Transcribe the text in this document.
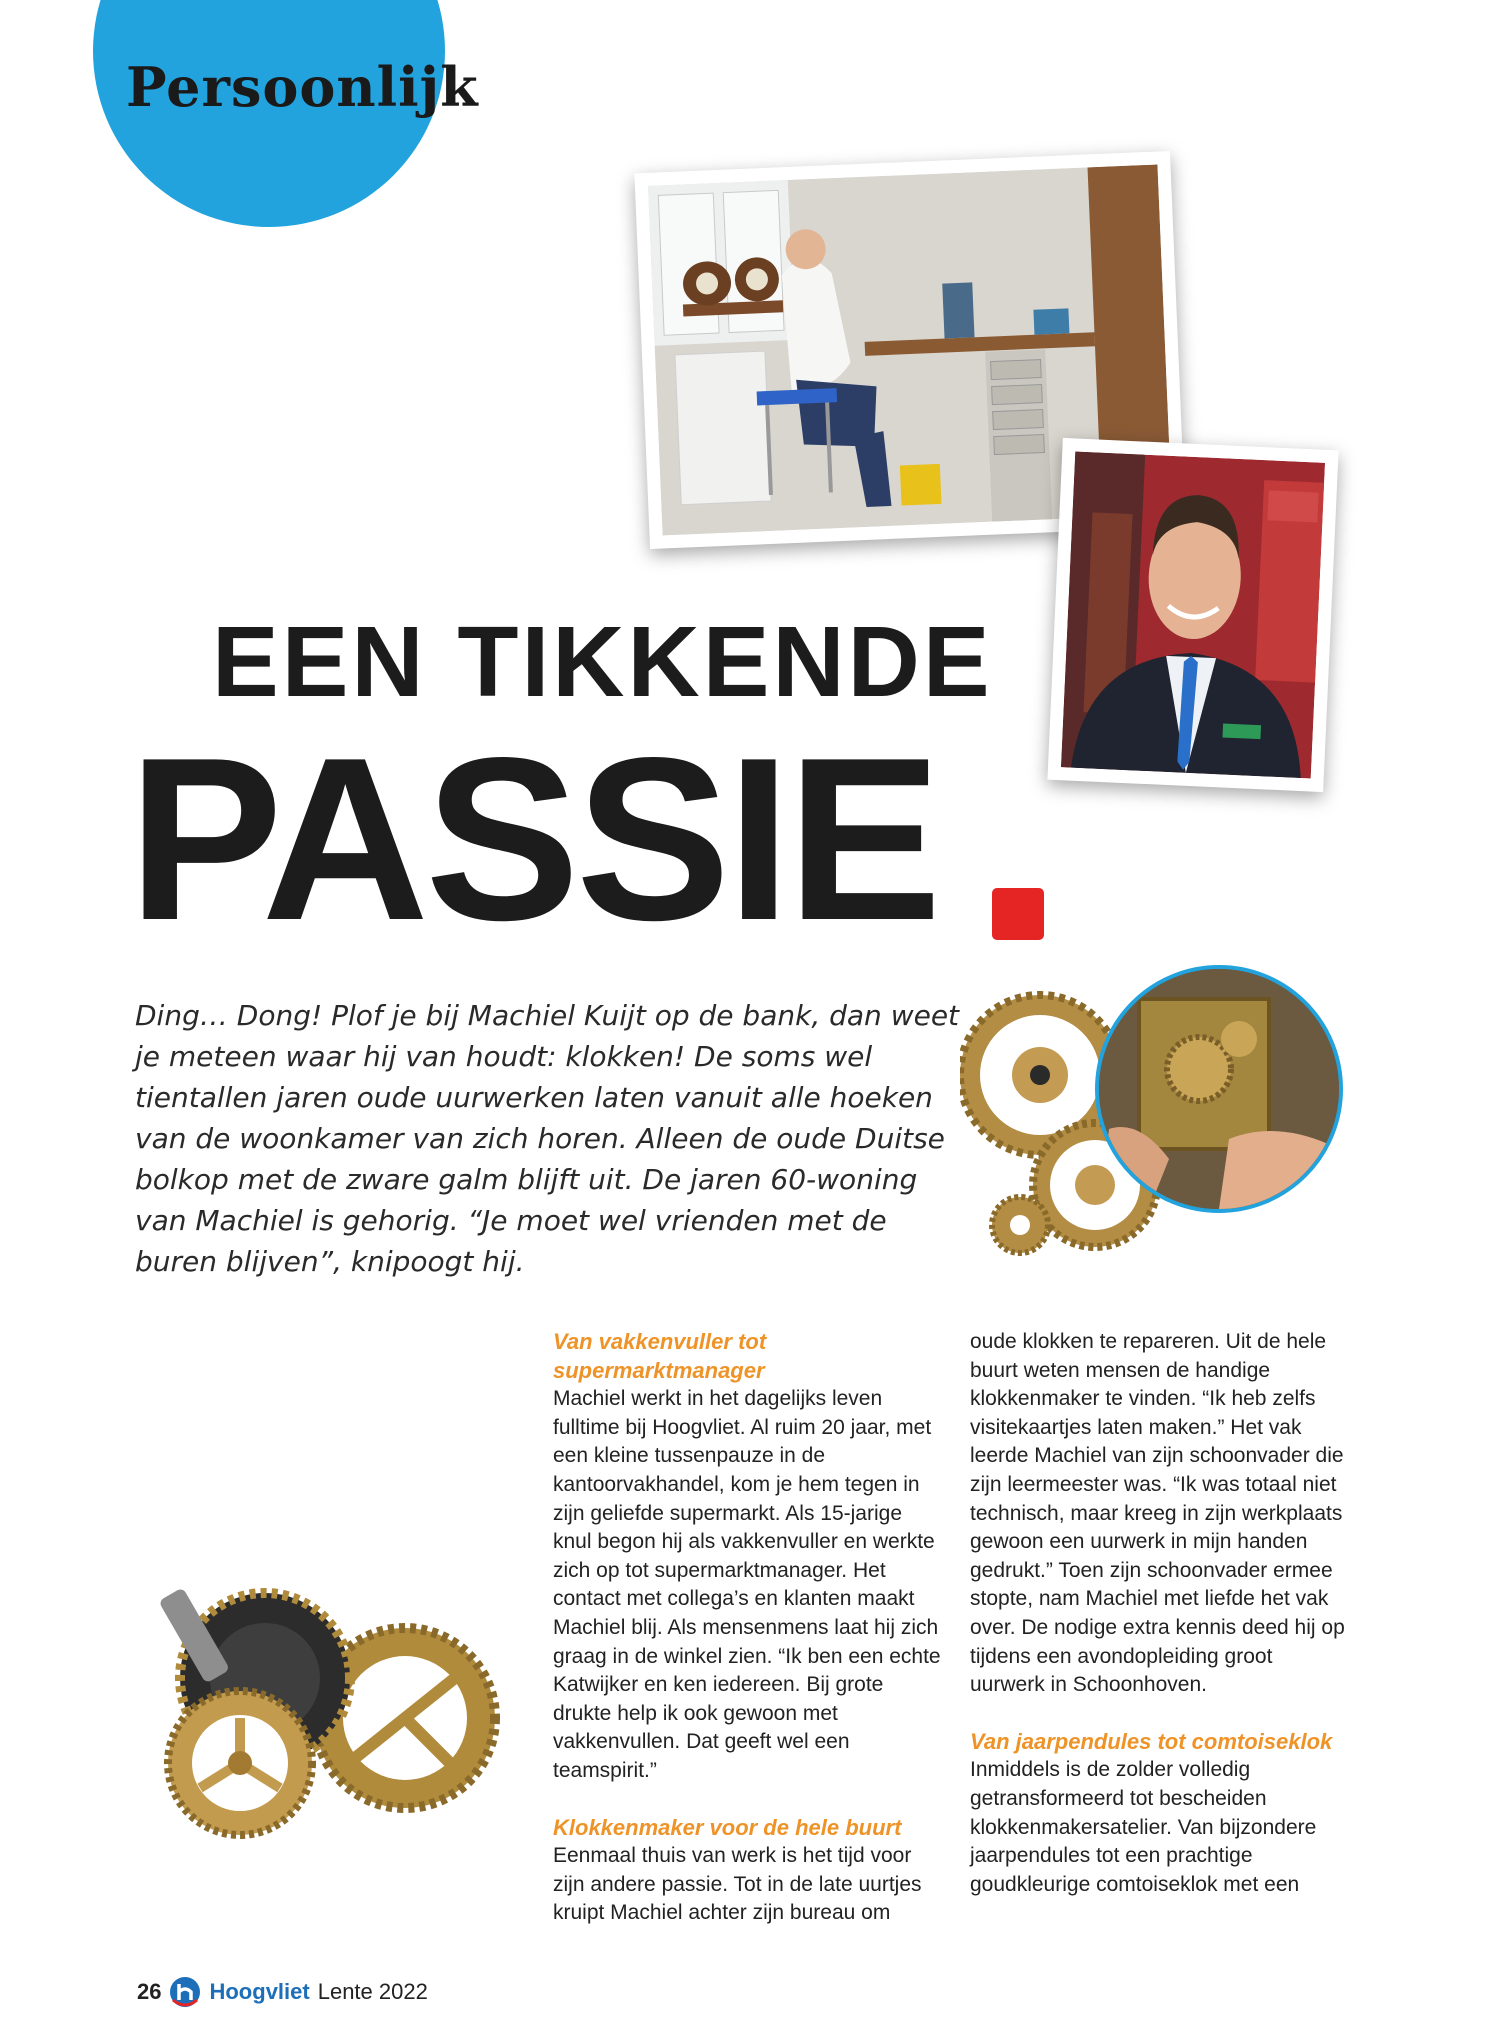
Persoonlijk
EEN TIKKENDE
PASSIE
Ding… Dong! Plof je bij Machiel Kuijt op de bank, dan weet je meteen waar hij van houdt: klokken! De soms wel tientallen jaren oude uurwerken laten vanuit alle hoeken van de woonkamer van zich horen. Alleen de oude Duitse bolkop met de zware galm blijft uit. De jaren 60-woning van Machiel is gehorig. “Je moet wel vrienden met de buren blijven”, knipoogt hij.
Van vakkenvuller tot supermarktmanager

Machiel werkt in het dagelijks leven fulltime bij Hoogvliet. Al ruim 20 jaar, met een kleine tussenpauze in de kantoorvakhandel, kom je hem tegen in zijn geliefde supermarkt. Als 15-jarige knul begon hij als vakkenvuller en werkte zich op tot supermarktmanager. Het contact met collega’s en klanten maakt Machiel blij. Als mensenmens laat hij zich graag in de winkel zien. “Ik ben een echte Katwijker en ken iedereen. Bij grote drukte help ik ook gewoon met vakkenvullen. Dat geeft wel een teamspirit.”

Klokkenmaker voor de hele buurt

Eenmaal thuis van werk is het tijd voor zijn andere passie. Tot in de late uurtjes kruipt Machiel achter zijn bureau om

oude klokken te repareren. Uit de hele buurt weten mensen de handige klokkenmaker te vinden. “Ik heb zelfs visitekaartjes laten maken.” Het vak leerde Machiel van zijn schoonvader die zijn leermeester was. “Ik was totaal niet technisch, maar kreeg in zijn werkplaats gewoon een uurwerk in mijn handen gedrukt.” Toen zijn schoonvader ermee stopte, nam Machiel met liefde het vak over. De nodige extra kennis deed hij op tijdens een avondopleiding groot uurwerk in Schoonhoven.

Van jaarpendules tot comtoiseklok

Inmiddels is de zolder volledig getransformeerd tot bescheiden klokkenmakersatelier. Van bijzondere jaarpendules tot een prachtige goudkleurige comtoiseklok met een

26 Hoogvliet Lente 2022
